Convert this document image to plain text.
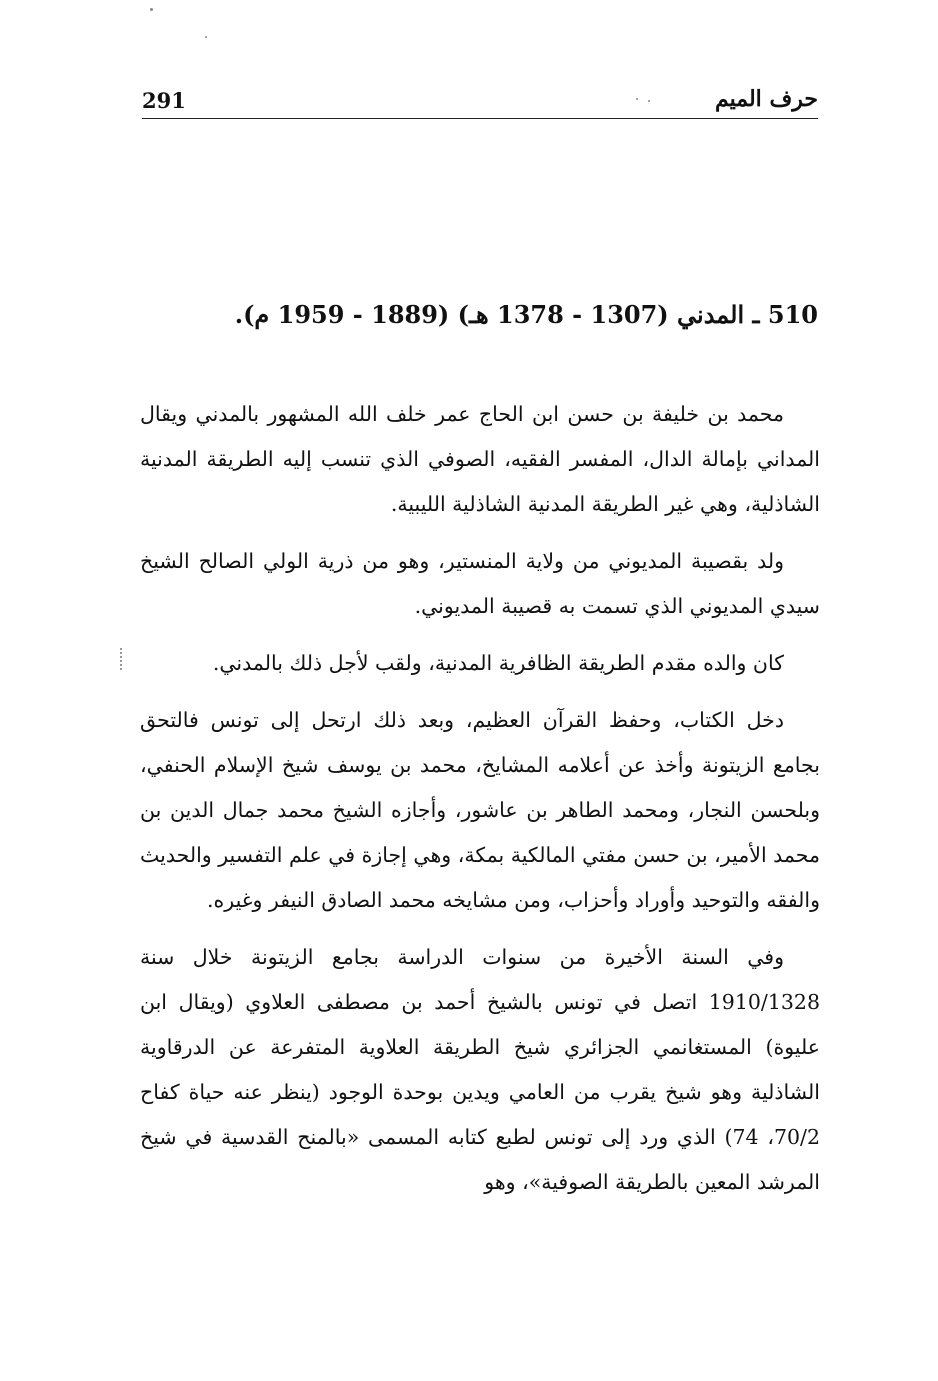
291	حرف الميم
510 ـ المدني (1307 - 1378 هـ) (1889 - 1959 م).

محمد بن خليفة بن حسن ابن الحاج عمر خلف الله المشهور بالمدني ويقال المداني بإمالة الدال، المفسر الفقيه، الصوفي الذي تنسب إليه الطريقة المدنية الشاذلية، وهي غير الطريقة المدنية الشاذلية الليبية.

ولد بقصيبة المديوني من ولاية المنستير، وهو من ذرية الولي الصالح الشيخ سيدي المديوني الذي تسمت به قصيبة المديوني.

كان والده مقدم الطريقة الظافرية المدنية، ولقب لأجل ذلك بالمدني.

دخل الكتاب، وحفظ القرآن العظيم، وبعد ذلك ارتحل إلى تونس فالتحق بجامع الزيتونة وأخذ عن أعلامه المشايخ، محمد بن يوسف شيخ الإسلام الحنفي، وبلحسن النجار، ومحمد الطاهر بن عاشور، وأجازه الشيخ محمد جمال الدين بن محمد الأمير، بن حسن مفتي المالكية بمكة، وهي إجازة في علم التفسير والحديث والفقه والتوحيد وأوراد وأحزاب، ومن مشايخه محمد الصادق النيفر وغيره.

وفي السنة الأخيرة من سنوات الدراسة بجامع الزيتونة خلال سنة 1910/1328 اتصل في تونس بالشيخ أحمد بن مصطفى العلاوي (ويقال ابن عليوة) المستغانمي الجزائري شيخ الطريقة العلاوية المتفرعة عن الدرقاوية الشاذلية وهو شيخ يقرب من العامي ويدين بوحدة الوجود (ينظر عنه حياة كفاح 70/2، 74) الذي ورد إلى تونس لطبع كتابه المسمى «بالمنح القدسية في شيخ المرشد المعين بالطريقة الصوفية»، وهو
